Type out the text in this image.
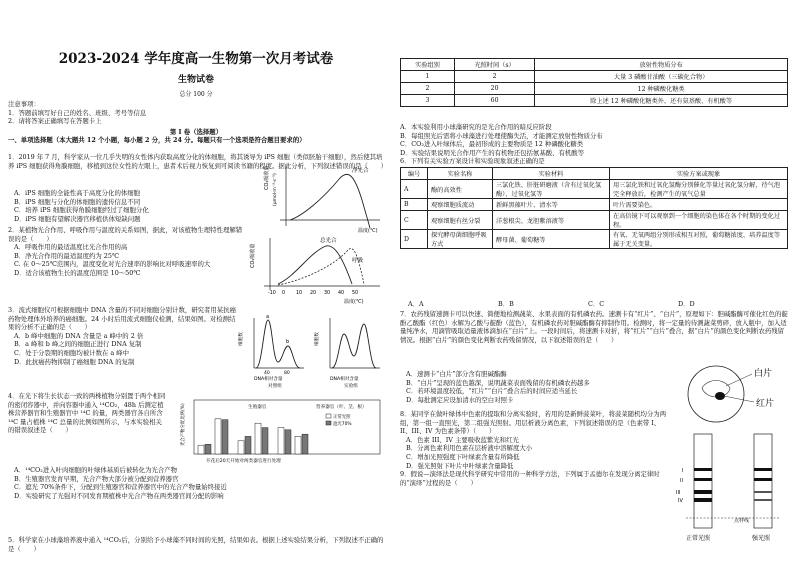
2023-2024 学年度高一生物第一次月考试卷
生物试卷
总分 100 分

注意事项：

1．答题前填写好自己的姓名、班级、考号等信息

2．请将答案正确填写在答题卡上

第 I 卷（选择题）

一、单项选择题（本大题共 12 个小题，每小题 2 分，共 24 分。每题只有一个选项是符合题目要求的）

1．2019 年 7 月，科学家从一位几乎失明的女性体内获取高度分化的体细胞，将其诱导为 iPS 细胞（类似胚胎干细胞），然后使其培养 iPS 细胞获得角膜细胞，移植到这位女性的左眼上，患者术后视力恢复到可阅读书籍的程度。据此分析，下列叙述错误的是（　　）

A．iPS 细胞的全能性高于高度分化的体细胞

B．iPS 细胞与分化的体细胞的遗传信息不同

C．培养 iPS 细胞获得角膜细胞经过了细胞分化

D．iPS 细胞有望解决器官移植供体短缺问题

2．某植物光合作用、呼吸作用与温度的关系如图，据此，对该植物生理特性理解错误的是（　　）

A．呼吸作用的最适温度比光合作用的高

B．净光合作用的最适温度约为 25℃

C. 在 0～25℃范围内，温度变化对光合速率的影响比对呼吸速率的大

D．适合该植物生长的温度范围是 10～50℃

3．流式细胞仪可根据细胞中 DNA 含量的不同对细胞分别计数，研究者用某抗癌药物处理体外培养的癌细胞。24 小时后用流式细胞仪检测，结果如图。对检测结果的分析不正确的是（　　）

A．b 峰中细胞的 DNA 含量是 a 峰中的 2 倍

B．a 峰和 b 峰之间的细胞正进行 DNA 复制

C．处于分裂期的细胞均被计数在 a 峰中

D．此抗癌药物抑制了癌细胞 DNA 的复制

4．在光下将生长状态一致的两株植物分别置于两个相同的密闭容器中，并向容器中通入 ¹⁴CO₂，48h 后测定植株营养器官和生殖器官中 ¹⁴C 的量，两类器官各自所含 ¹⁴C 量占植株 ¹⁴C 总量的比例如图所示，与本实验相关的错误叙述是（　　）

A．¹⁴CO₂进入叶肉细胞的叶绿体基质后被转化为光合产物

B．生殖器官发育早期，光合产物大部分被分配到营养器官

C．遮光 70%条件下，分配到生殖器官和营养器官中的光合产物量始终接近

D．实验研究了光强对不同发育期植株中光合产物在两类器官间分配的影响

5．科学家在小球藻培养液中通入 ¹⁴CO₂后，分别给予小球藻不同时间的光照，结果如表。根据上述实验结果分析，下列叙述不正确的是（　　）

CO₂吸收量 (μmol·m⁻²·s⁻¹)
净光合
温度(℃)
CO₂吸收量
总光合
呼吸
-10 0 10 20 30 40 50
温度(℃)
细胞数
a
b
40	80
DNA相对含量
对照组
细胞数
DNA相对含量
实验组
生殖器官	营养器官（叶、茎、根）
正常光照
遮光70%
光合产物分配比例(%)
开花后20天开始对两类器官进行处理
实验组别	光照时间（s）	放射性物质分布
1	2	大量 3 磷酸甘油酸（三碳化合物）
2	20	12 种磷酸化糖类
3	60	除上述 12 种磷酸化糖类外，还有氨基酸、有机酸等

A．本实验利用小球藻研究的是光合作用的暗反应阶段

B．每组照光后需将小球藻进行处理使酶失活，才能测定放射性物质分布

C．CO₂进入叶绿体后，最初形成的主要物质是 12 种磷酸化糖类

D．实验结果说明光合作用产生的有机物还包括氨基酸、有机酸等

6．下列有关实验方案设计和实验现象叙述正确的是

编号	实验名称	实验材料	实验方案或现象
A	酶的高效性	三氯化铁、肝脏研磨液（含有过氧化氢酶）、过氧化氢等	用三氯化铁和过氧化氢酶分别催化等量过氧化氢分解，待气泡完全释放后，检测产生的氧气总量
B	观察细胞质流动	新鲜黑藻叶片、清水等	叶片需要染色。
C	观察细胞有丝分裂	洋葱根尖、龙胆紫溶液等	在高倍镜下可以观察到一个细胞的染色体在各个时期的变化过程。
D	探究酵母菌细胞呼吸方式	酵母菌、葡萄糖等	有氧、无氧两组分别形成相互对照，葡萄糖浓度、培养温度等属于无关变量。
A．A	B．B	C．C	D．D

7．农药残留速测卡可以快速、简便地检测蔬菜、水果表面的有机磷农药。速测卡有“红片”、“白片”，原理如下：胆碱酯酶可催化红色的靛酚乙酸酯（红色）水解为乙酸与靛酚（蓝色），有机磷农药对胆碱酯酶有抑制作用。检测时，将一定量的待测蔬菜剪碎，放入瓶中，加入适量纯净水，用滴管吸取适量液体滴加在“白片”上。一段时间后，将速测卡对折，将“红片”“白片”叠合，据“白片”的颜色变化判断农药残留情况。根据“白片”的颜色变化判断农药残留情况，以下叙述错误的是（　　）

A．速测卡“白片”部分含有胆碱酯酶

B．“白片”呈现的蓝色越深，说明蔬菜表面残留的有机磷农药越多

C．若环境温度较低，“红片”“白片”叠合后的时间应适当延长

D．每批测定应设加清水的空白对照卡

8．某同学在做叶绿体中色素的提取和分离实验时，若用的是新鲜菠菜叶，将菠菜随机均分为两组，第一组一直照光，第二组强光照射。用层析液分离色素，下列叙述错误的是（色素带 I、II、III、IV 为色素条带）（　　）

A．色素 III、IV 主要吸收蓝紫光和红光

B．分离色素利用色素在层析液中溶解度大小

C．增加光照强度下叶绿素含量有所降低

D．强光照射下叶片中叶绿素含量降低

9．假说—演绎法是现代科学研究中常用的一种科学方法，下列属于孟德尔在发现分离定律时的“演绎”过程的是（　　）

白片
红片
I
II
III
IV
点样线
正常光照	强光照
